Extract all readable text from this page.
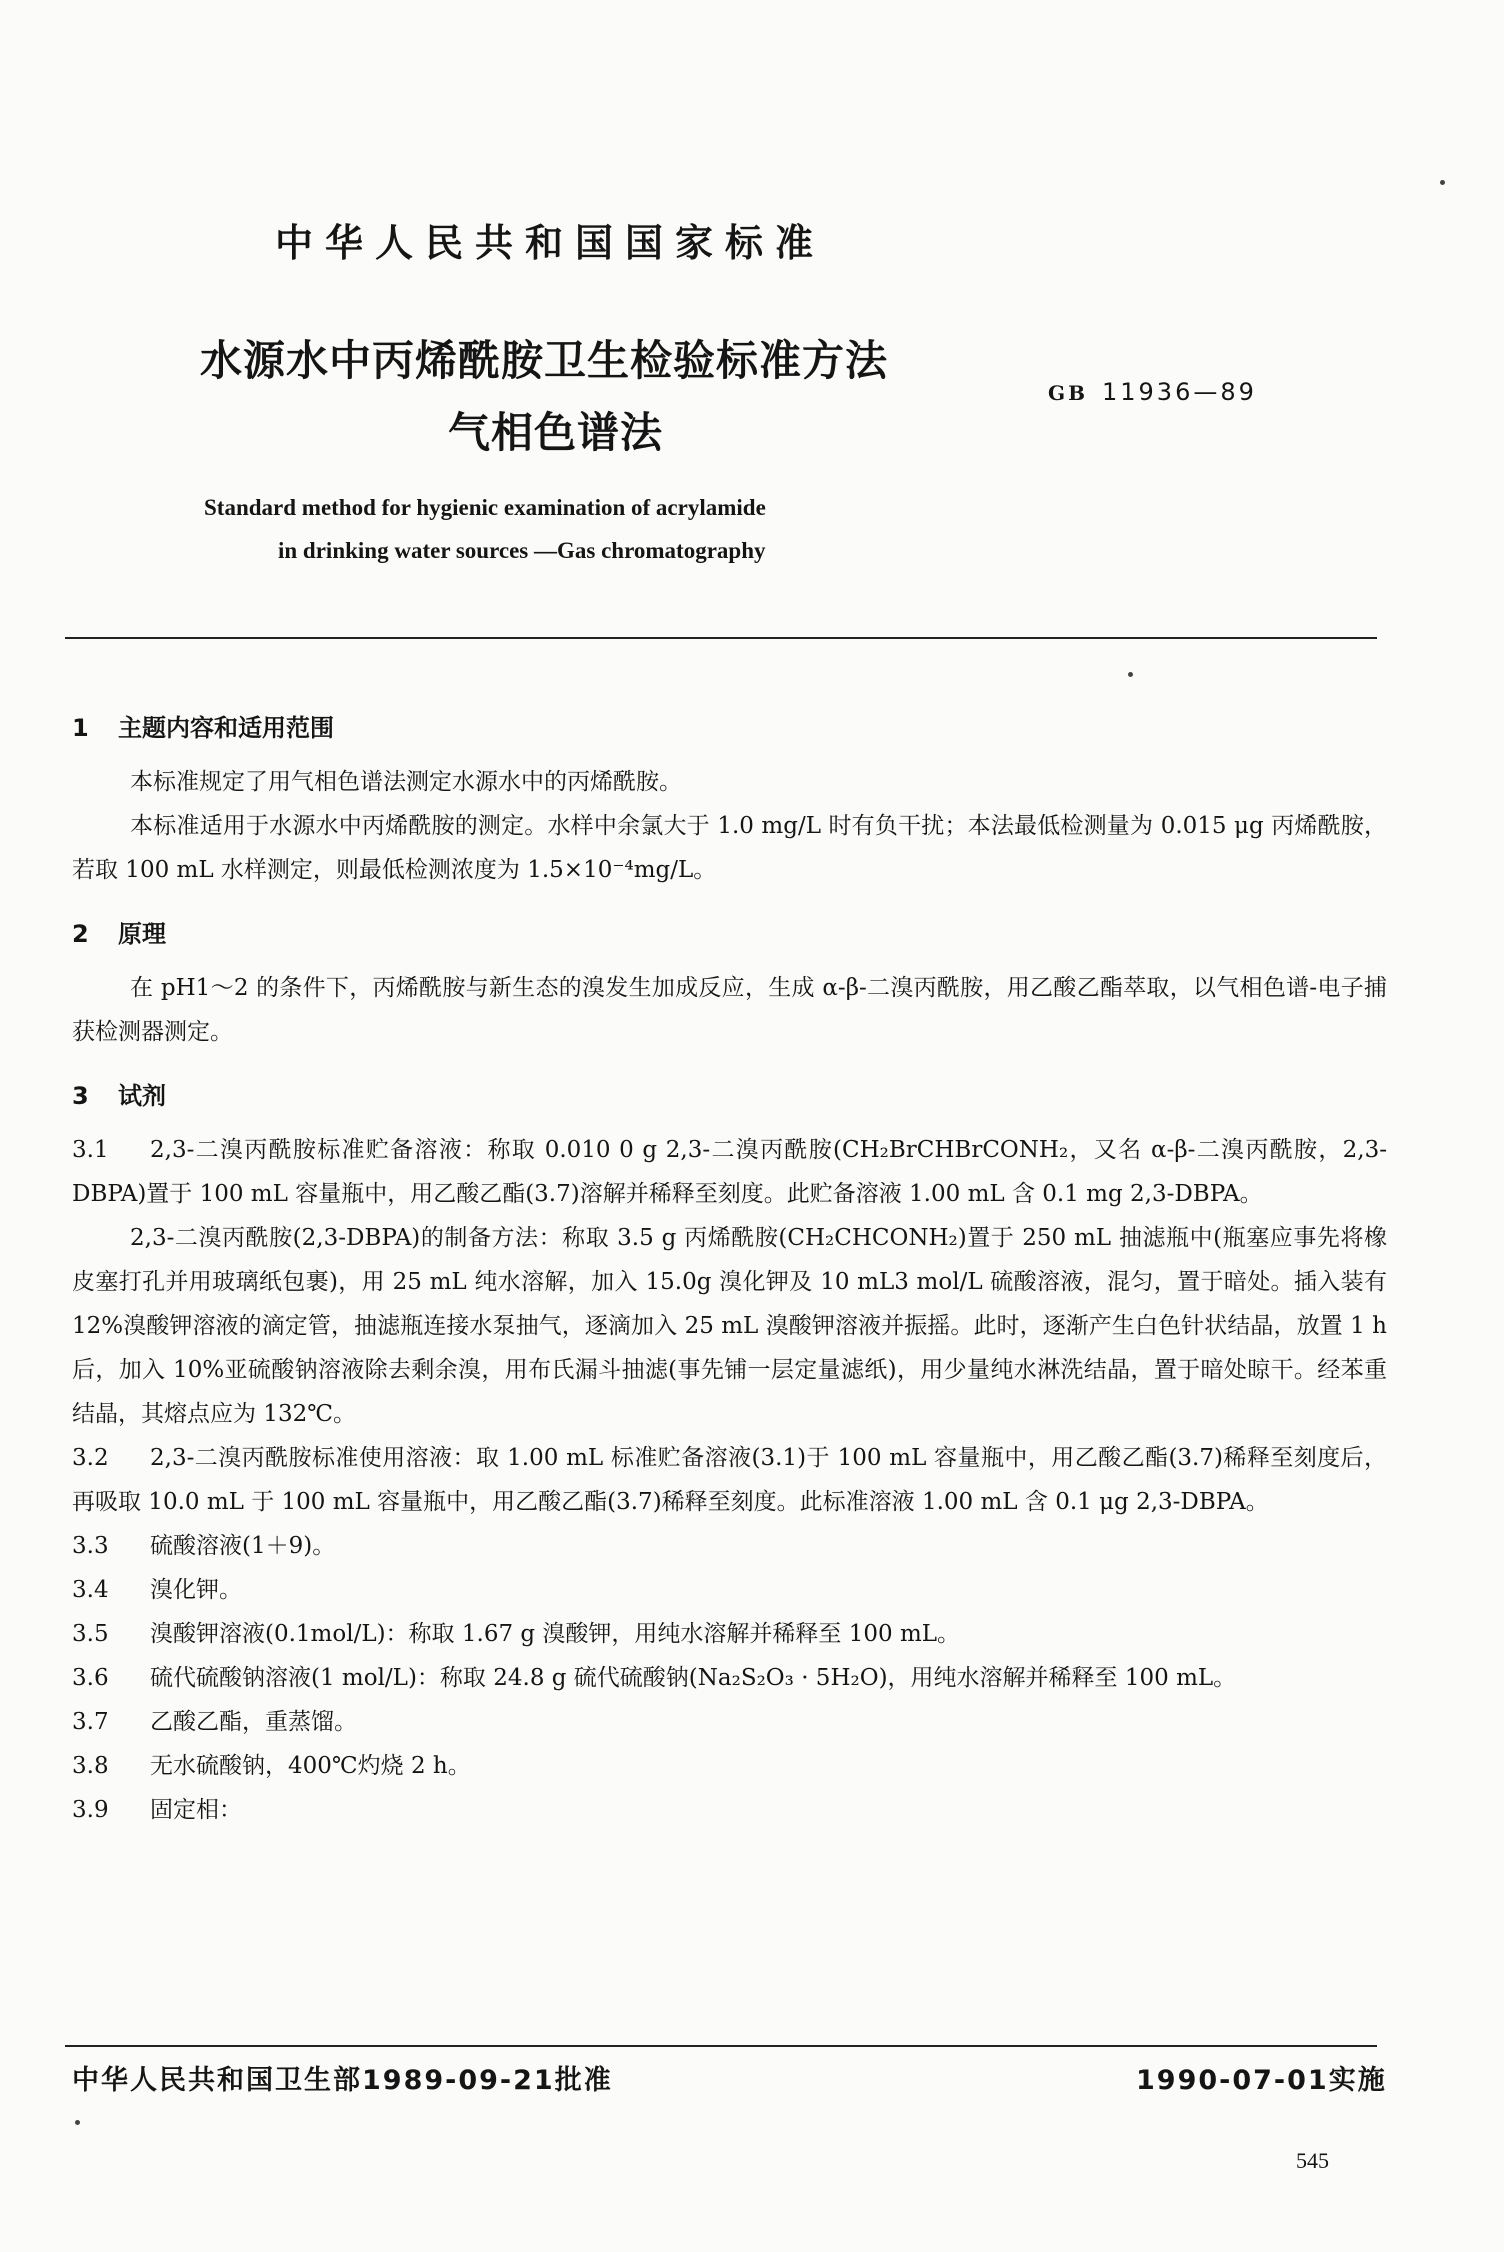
中华人民共和国国家标准
水源水中丙烯酰胺卫生检验标准方法
气相色谱法
GB 11936—89
Standard method for hygienic examination of acrylamide
in drinking water sources —Gas chromatography
1 主题内容和适用范围

本标准规定了用气相色谱法测定水源水中的丙烯酰胺。

本标准适用于水源水中丙烯酰胺的测定。水样中余氯大于 1.0 mg/L 时有负干扰；本法最低检测量为 0.015 μg 丙烯酰胺，若取 100 mL 水样测定，则最低检测浓度为 1.5×10⁻⁴mg/L。

2 原理

在 pH1～2 的条件下，丙烯酰胺与新生态的溴发生加成反应，生成 α-β-二溴丙酰胺，用乙酸乙酯萃取，以气相色谱-电子捕获检测器测定。

3 试剂

3.1 2,3-二溴丙酰胺标准贮备溶液：称取 0.010 0 g 2,3-二溴丙酰胺(CH₂BrCHBrCONH₂，又名 α-β-二溴丙酰胺，2,3-DBPA)置于 100 mL 容量瓶中，用乙酸乙酯(3.7)溶解并稀释至刻度。此贮备溶液 1.00 mL 含 0.1 mg 2,3-DBPA。

2,3-二溴丙酰胺(2,3-DBPA)的制备方法：称取 3.5 g 丙烯酰胺(CH₂CHCONH₂)置于 250 mL 抽滤瓶中(瓶塞应事先将橡皮塞打孔并用玻璃纸包裹)，用 25 mL 纯水溶解，加入 15.0g 溴化钾及 10 mL3 mol/L 硫酸溶液，混匀，置于暗处。插入装有 12%溴酸钾溶液的滴定管，抽滤瓶连接水泵抽气，逐滴加入 25 mL 溴酸钾溶液并振摇。此时，逐渐产生白色针状结晶，放置 1 h 后，加入 10%亚硫酸钠溶液除去剩余溴，用布氏漏斗抽滤(事先铺一层定量滤纸)，用少量纯水淋洗结晶，置于暗处晾干。经苯重结晶，其熔点应为 132℃。

3.2 2,3-二溴丙酰胺标准使用溶液：取 1.00 mL 标准贮备溶液(3.1)于 100 mL 容量瓶中，用乙酸乙酯(3.7)稀释至刻度后，再吸取 10.0 mL 于 100 mL 容量瓶中，用乙酸乙酯(3.7)稀释至刻度。此标准溶液 1.00 mL 含 0.1 μg 2,3-DBPA。

3.3 硫酸溶液(1＋9)。

3.4 溴化钾。

3.5 溴酸钾溶液(0.1mol/L)：称取 1.67 g 溴酸钾，用纯水溶解并稀释至 100 mL。

3.6 硫代硫酸钠溶液(1 mol/L)：称取 24.8 g 硫代硫酸钠(Na₂S₂O₃ · 5H₂O)，用纯水溶解并稀释至 100 mL。

3.7 乙酸乙酯，重蒸馏。

3.8 无水硫酸钠，400℃灼烧 2 h。

3.9 固定相：

中华人民共和国卫生部1989-09-21批准	1990-07-01实施
545
